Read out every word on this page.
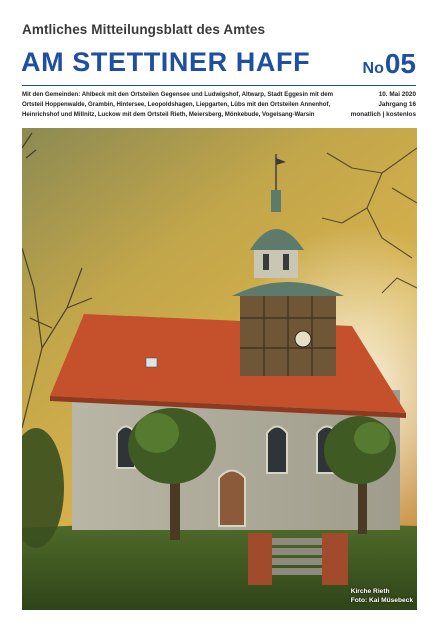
Amtliches Mitteilungsblatt des Amtes
AM STETTINER HAFF	No 05
Mit den Gemeinden: Ahlbeck mit den Ortsteilen Gegensee und Ludwigshof, Altwarp, Stadt Eggesin mit dem Ortsteil Hoppenwalde, Grambin, Hintersee, Leopoldshagen, Liepgarten, Lübs mit den Ortsteilen Annenhof, Heinrichshof und Millnitz, Luckow mit dem Ortsteil Rieth, Meiersberg, Mönkebude, Vogelsang-Warsin
10. Mai 2020
Jahrgang 16
monatlich | kostenlos
Kirche Rieth
Foto: Kai Müsebeck
